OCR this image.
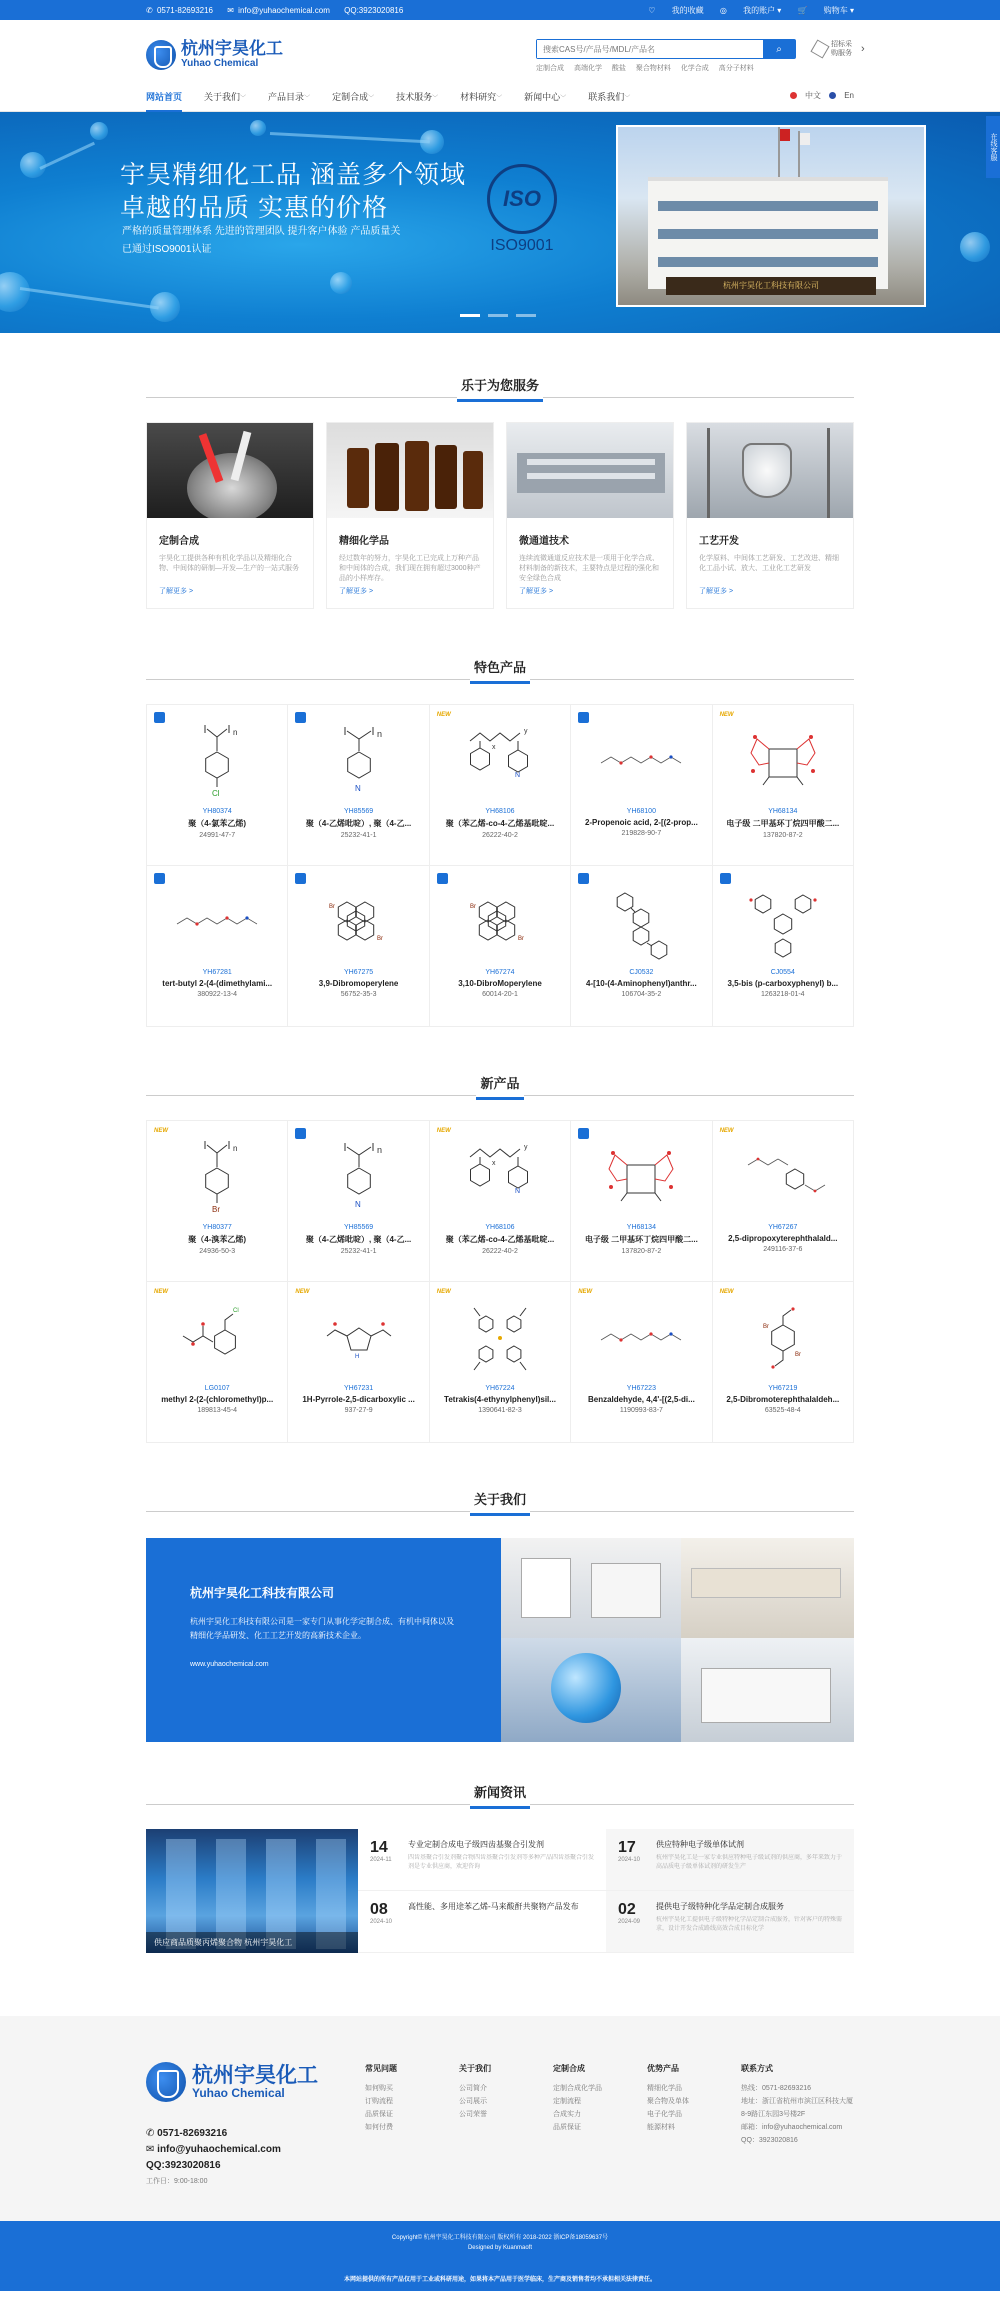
✆ 0571-82693216 ✉ info@yuhaochemical.com QQ:3923020816	♡ 我的收藏 ◎ 我的账户 ▾ 🛒 购物车 ▾
杭州宇昊化工
Yuhao Chemical
搜索CAS号/产品号/MDL/产品名
⌕
定制合成 高端化学 酸盐 聚合物材料 化学合成 高分子材料
招标采购服务 ›
网站首页 关于我们﹀ 产品目录﹀ 定制合成﹀ 技术服务﹀ 材料研究﹀ 新闻中心﹀ 联系我们﹀	中文	En
宇昊精细化工品 涵盖多个领域
卓越的品质 实惠的价格
严格的质量管理体系 先进的管理团队 提升客户体验 产品质量关
已通过ISO9001认证
ISO
ISO9001
杭州宇昊化工科技有限公司
在线客服
乐于为您服务
定制合成
宇昊化工提供各种有机化学品以及精细化合物、中间体的研制—开发—生产的一站式服务
了解更多 >
精细化学品
经过数年的努力，宇昊化工已完成上万种产品和中间体的合成，我们现在拥有超过3000种产品的小样库存。
了解更多 >
微通道技术
连续流微通道反应技术是一项用于化学合成、材料制备的新技术，主要特点是过程的强化和安全绿色合成
了解更多 >
工艺开发
化学原料、中间体工艺研发、工艺改进、精细化工品小试、放大、工业化工艺研发
了解更多 >
特色产品
n
Cl
YH80374
聚（4-氯苯乙烯)
24991-47-7
n
N
YH85569
聚（4-乙烯吡啶）, 聚（4-乙...
25232-41-1
NEW
x
y
N
YH68106
聚（苯乙烯-co-4-乙烯基吡啶...
26222-40-2
YH68100
2-Propenoic acid, 2-[(2-prop...
219828-90-7
NEW
YH68134
电子级 二甲基环丁烷四甲酸二...
137820-87-2
YH67281
tert-butyl 2-(4-(dimethylami...
380922-13-4
Br
Br
YH67275
3,9-Dibromoperylene
56752-35-3
Br
Br
YH67274
3,10-DibroMoperylene
60014-20-1
CJ0532
4-[10-(4-Aminophenyl)anthr...
106704-35-2
CJ0554
3,5-bis (p-carboxyphenyl) b...
1263218-01-4
新产品
NEW
n
Br
YH80377
聚（4-溴苯乙烯)
24936-50-3
n
N
YH85569
聚（4-乙烯吡啶）, 聚（4-乙...
25232-41-1
NEW
x
y
N
YH68106
聚（苯乙烯-co-4-乙烯基吡啶...
26222-40-2
YH68134
电子级 二甲基环丁烷四甲酸二...
137820-87-2
NEW
YH67267
2,5-dipropoxyterephthalald...
249116-37-6
NEW
Cl
LG0107
methyl 2-(2-(chloromethyl)p...
189813-45-4
NEW
H
YH67231
1H-Pyrrole-2,5-dicarboxylic ...
937-27-9
NEW
YH67224
Tetrakis(4-ethynylphenyl)sil...
1390641-82-3
NEW
YH67223
Benzaldehyde, 4,4'-[(2,5-di...
1190993-83-7
NEW
Br
Br
YH67219
2,5-Dibromoterephthalaldeh...
63525-48-4
关于我们
杭州宇昊化工科技有限公司
杭州宇昊化工科技有限公司是一家专门从事化学定制合成、有机中间体以及精细化学品研发、化工工艺开发的高新技术企业。
www.yuhaochemical.com
新闻资讯
供应商品质聚丙烯聚合物 杭州宇昊化工
14
2024-11
专业定制合成电子级四齿基聚合引发剂
四齿基聚合引发剂聚合物四齿基聚合引发剂等多种产品四齿基聚合引发剂是专业供应商，欢迎咨询
17
2024-10
供应特种电子级单体试剂
杭州宇昊化工是一家专业供应特种电子级试剂的供应商，多年来致力于高品质电子级单体试剂的研发生产
08
2024-10
高性能、多用途苯乙烯-马来酸酐共聚物产品发布	02
2024-09
提供电子级特种化学品定制合成服务
杭州宇昊化工提供电子级特种化学品定制合成服务，针对客户的特殊需求，设计开发合成路线高效合成目标化学
杭州宇昊化工
Yuhao Chemical
✆ 0571-82693216
✉ info@yuhaochemical.com
QQ:3923020816
工作日：9:00-18:00
常见问题

如何购买

订购流程

品质保证

如何付费

关于我们

公司简介

公司展示

公司荣誉

定制合成

定制合成化学品

定制流程

合成实力

品质保证

优势产品

精细化学品

聚合物及单体

电子化学品

能源材料

联系方式

热线：0571-82693216

地址：浙江省杭州市滨江区科技大厦

8-9路江东园3号楼2F

邮箱：info@yuhaochemical.com

QQ：3923020816

Copyright© 杭州宇昊化工科技有限公司 版权所有 2018-2022 浙ICP备18059637号
Designed by Kuanmaoft
本网站提供的所有产品仅用于工业或科研用途，如果将本产品用于医学临床，生产商及销售者均不承担相关法律责任。
